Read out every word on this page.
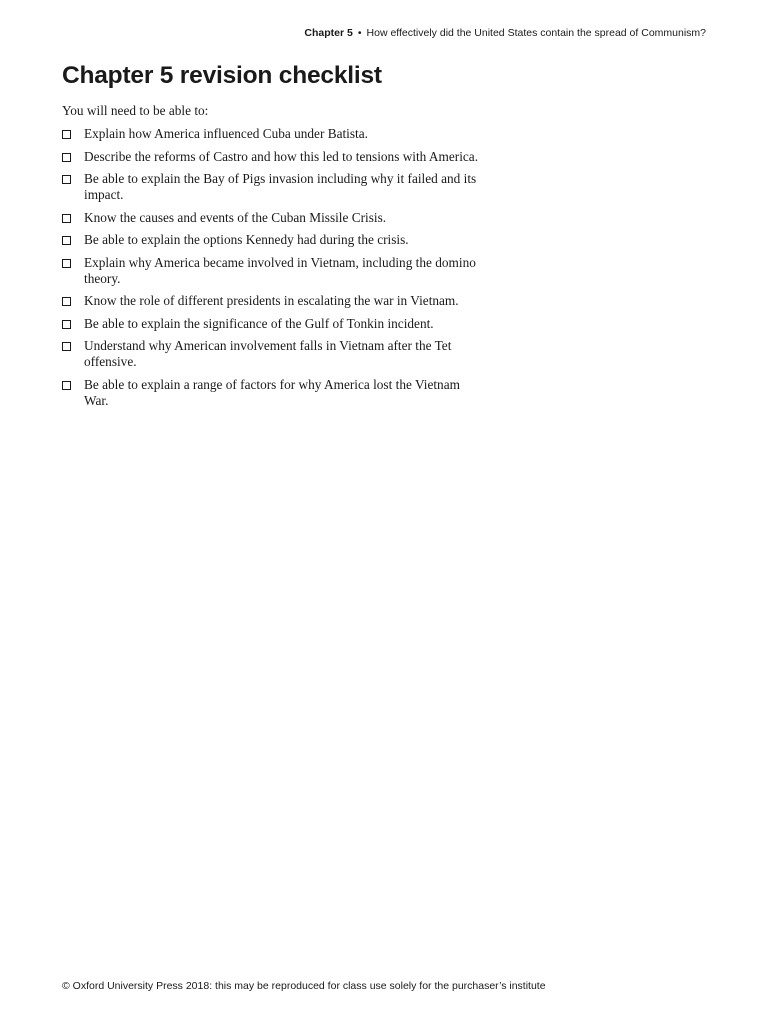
Chapter 5 • How effectively did the United States contain the spread of Communism?
Chapter 5 revision checklist
You will need to be able to:
Explain how America influenced Cuba under Batista.
Describe the reforms of Castro and how this led to tensions with America.
Be able to explain the Bay of Pigs invasion including why it failed and its impact.
Know the causes and events of the Cuban Missile Crisis.
Be able to explain the options Kennedy had during the crisis.
Explain why America became involved in Vietnam, including the domino theory.
Know the role of different presidents in escalating the war in Vietnam.
Be able to explain the significance of the Gulf of Tonkin incident.
Understand why American involvement falls in Vietnam after the Tet offensive.
Be able to explain a range of factors for why America lost the Vietnam War.
© Oxford University Press 2018: this may be reproduced for class use solely for the purchaser’s institute
